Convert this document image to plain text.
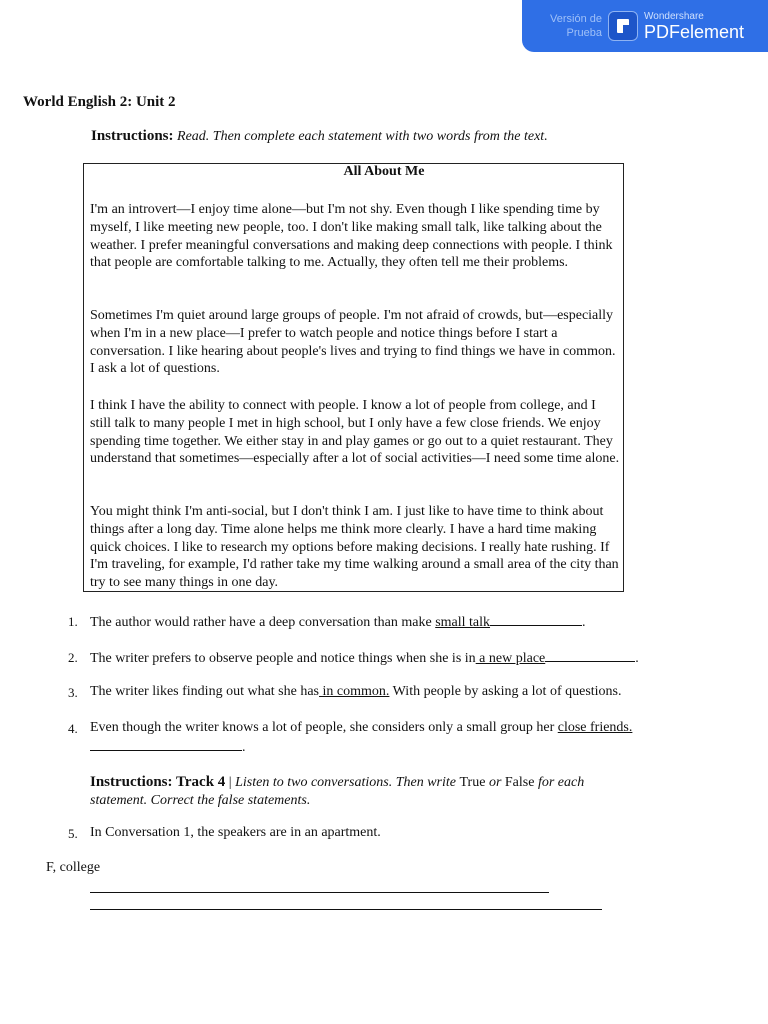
Versión de
Prueba
Wondershare
PDFelement
World English 2: Unit 2
Instructions: Read. Then complete each statement with two words from the text.
All About Me
I'm an introvert—I enjoy time alone—but I'm not shy. Even though I like spending time by myself, I like meeting new people, too. I don't like making small talk, like talking about the weather. I prefer meaningful conversations and making deep connections with people. I think that people are comfortable talking to me. Actually, they often tell me their problems.
Sometimes I'm quiet around large groups of people. I'm not afraid of crowds, but—especially when I'm in a new place—I prefer to watch people and notice things before I start a conversation. I like hearing about people's lives and trying to find things we have in common. I ask a lot of questions.
I think I have the ability to connect with people. I know a lot of people from college, and I still talk to many people I met in high school, but I only have a few close friends. We enjoy spending time together. We either stay in and play games or go out to a quiet restaurant. They understand that sometimes—especially after a lot of social activities—I need some time alone.
You might think I'm anti-social, but I don't think I am. I just like to have time to think about things after a long day. Time alone helps me think more clearly. I have a hard time making quick choices. I like to research my options before making decisions. I really hate rushing. If I'm traveling, for example, I'd rather take my time walking around a small area of the city than try to see many things in one day.
1. The author would rather have a deep conversation than make small talk	.
2. The writer prefers to observe people and notice things when she is in a new place	.
3. The writer likes finding out what she has in common. With people by asking a lot of questions.
4. Even though the writer knows a lot of people, she considers only a small group her close friends.
.
Instructions: Track 4 | Listen to two conversations. Then write True or False for each statement. Correct the false statements.
5. In Conversation 1, the speakers are in an apartment.
F, college
